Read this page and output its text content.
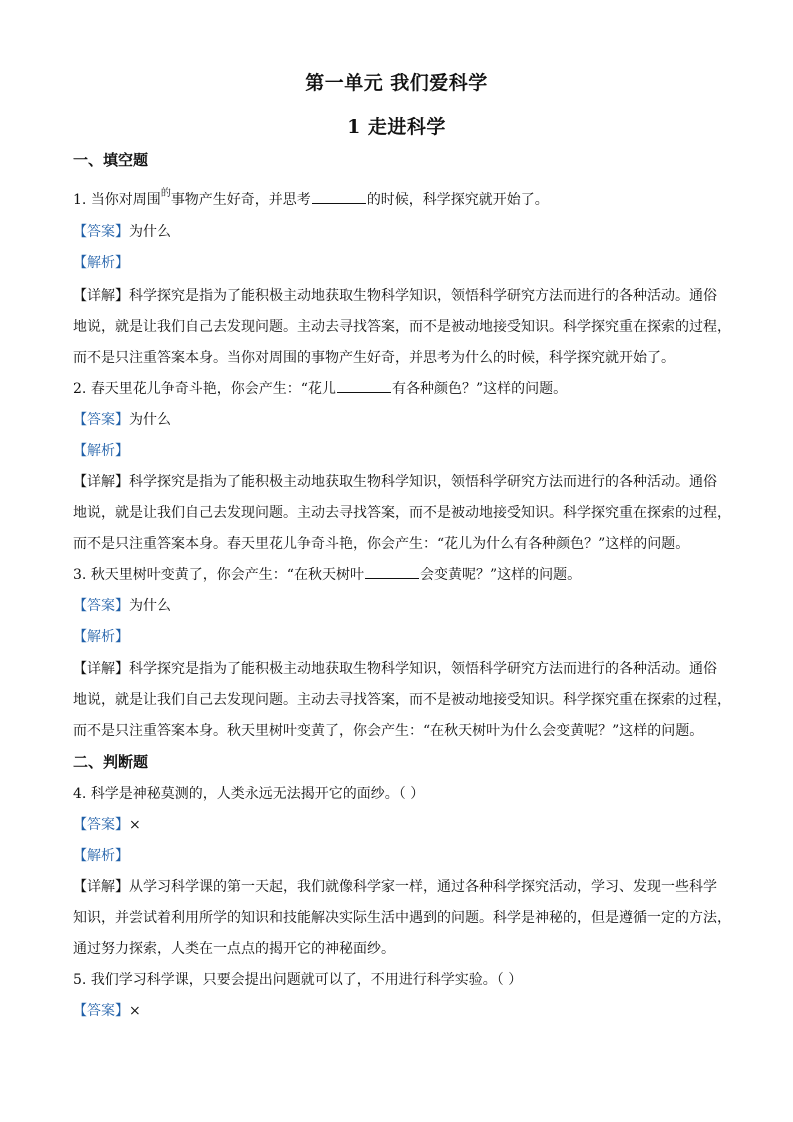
第一单元 我们爱科学
1 走进科学
一、填空题
1. 当你对周围$^的$事物产生好奇，并思考	的时候，科学探究就开始了。
【答案】为什么
【解析】
【详解】科学探究是指为了能积极主动地获取生物科学知识，领悟科学研究方法而进行的各种活动。通俗
地说，就是让我们自己去发现问题。主动去寻找答案，而不是被动地接受知识。科学探究重在探索的过程，
而不是只注重答案本身。当你对周围的事物产生好奇，并思考为什么的时候，科学探究就开始了。
2. 春天里花儿争奇斗艳，你会产生：“花儿	有各种颜色？”这样的问题。
【答案】为什么
【解析】
【详解】科学探究是指为了能积极主动地获取生物科学知识，领悟科学研究方法而进行的各种活动。通俗
地说，就是让我们自己去发现问题。主动去寻找答案，而不是被动地接受知识。科学探究重在探索的过程，
而不是只注重答案本身。春天里花儿争奇斗艳，你会产生：“花儿为什么有各种颜色？”这样的问题。
3. 秋天里树叶变黄了，你会产生：“在秋天树叶	会变黄呢？”这样的问题。
【答案】为什么
【解析】
【详解】科学探究是指为了能积极主动地获取生物科学知识，领悟科学研究方法而进行的各种活动。通俗
地说，就是让我们自己去发现问题。主动去寻找答案，而不是被动地接受知识。科学探究重在探索的过程，
而不是只注重答案本身。秋天里树叶变黄了，你会产生：“在秋天树叶为什么会变黄呢？”这样的问题。
二、判断题
4. 科学是神秘莫测的，人类永远无法揭开它的面纱。（ ）
【答案】×
【解析】
【详解】从学习科学课的第一天起，我们就像科学家一样，通过各种科学探究活动，学习、发现一些科学
知识，并尝试着利用所学的知识和技能解决实际生活中遇到的问题。科学是神秘的，但是遵循一定的方法，
通过努力探索，人类在一点点的揭开它的神秘面纱。
5. 我们学习科学课，只要会提出问题就可以了，不用进行科学实验。（ ）
【答案】×
